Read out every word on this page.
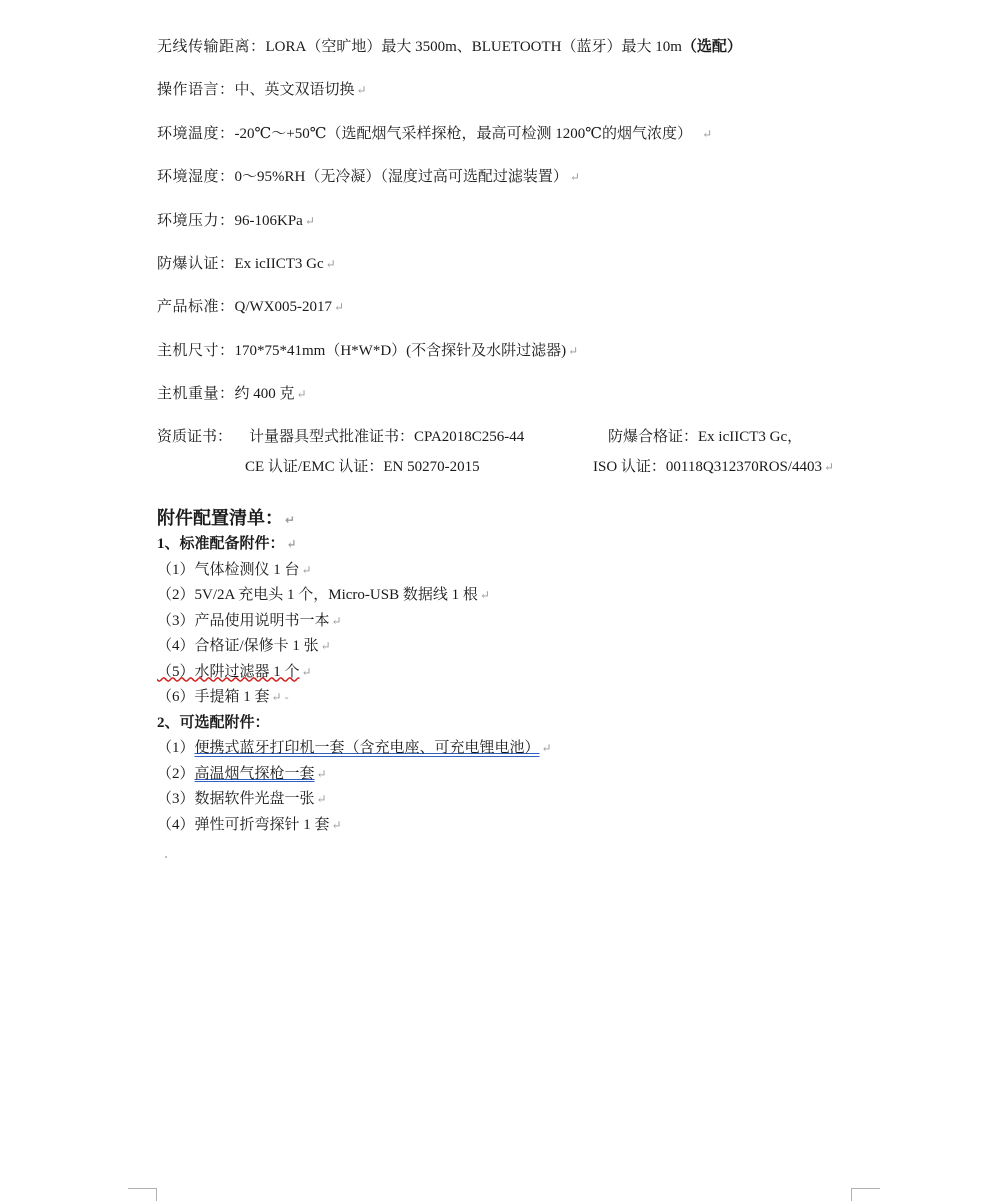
无线传输距离：LORA（空旷地）最大 3500m、BLUETOOTH（蓝牙）最大 10m（选配）
操作语言：中、英文双语切换 ↵
环境温度：-20℃～+50℃（选配烟气采样探枪，最高可检测 1200℃的烟气浓度） ↵
环境湿度：0～95%RH（无冷凝）（湿度过高可选配过滤装置） ↵
环境压力：96-106KPa ↵
防爆认证：Ex icIICT3 Gc ↵
产品标准：Q/WX005-2017 ↵
主机尺寸：170*75*41mm（H*W*D）(不含探针及水阱过滤器) ↵
主机重量：约 400 克 ↵
资质证书： 计量器具型式批准证书：CPA2018C256-44	防爆合格证：Ex icIICT3 Gc，
CE 认证/EMC 认证：EN 50270-2015	ISO 认证：00118Q312370ROS/4403 ↵
附件配置清单： ↵
1、标准配备附件： ↵
（1）气体检测仪 1 台 ↵
（2）5V/2A 充电头 1 个，Micro-USB 数据线 1 根 ↵
（3）产品使用说明书一本 ↵
（4）合格证/保修卡 1 张 ↵
（5）水阱过滤器 1 个 ↵
（6）手提箱 1 套 ↵ -
2、可选配附件：
（1）便携式蓝牙打印机一套（含充电座、可充电锂电池） ↵
（2）高温烟气探枪一套 ↵
（3）数据软件光盘一张 ↵
（4）弹性可折弯探针 1 套 ↵
